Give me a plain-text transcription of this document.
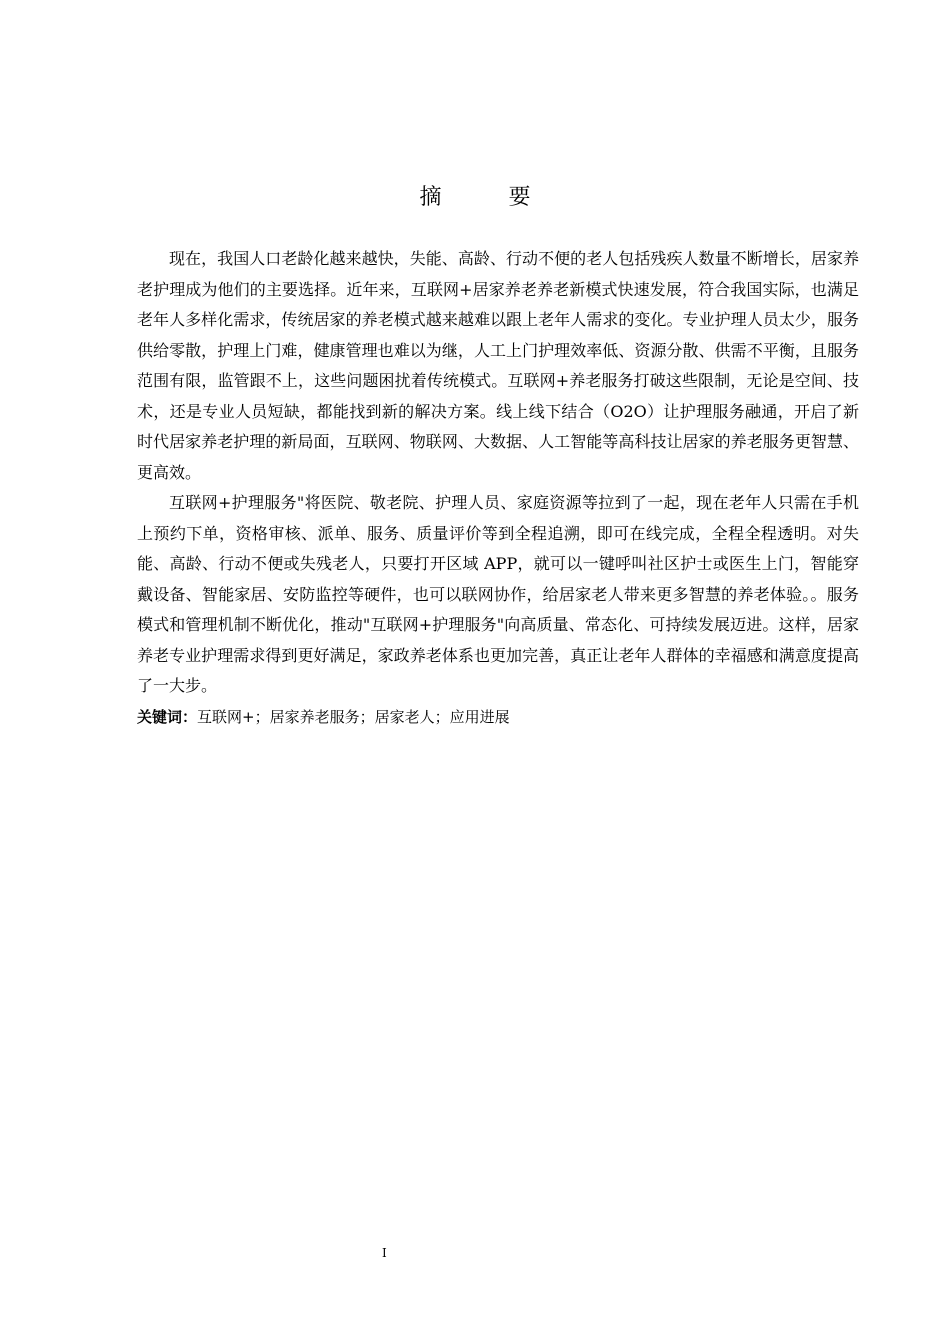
摘 要

现在，我国人口老龄化越来越快，失能、高龄、行动不便的老人包括残疾人数量不断增长，居家养老护理成为他们的主要选择。近年来，互联网+居家养老养老新模式快速发展，符合我国实际，也满足老年人多样化需求，传统居家的养老模式越来越难以跟上老年人需求的变化。专业护理人员太少，服务供给零散，护理上门难，健康管理也难以为继，人工上门护理效率低、资源分散、供需不平衡，且服务范围有限，监管跟不上，这些问题困扰着传统模式。互联网+养老服务打破这些限制，无论是空间、技术，还是专业人员短缺，都能找到新的解决方案。线上线下结合（O2O）让护理服务融通，开启了新时代居家养老护理的新局面，互联网、物联网、大数据、人工智能等高科技让居家的养老服务更智慧、更高效。

互联网+护理服务"将医院、敬老院、护理人员、家庭资源等拉到了一起，现在老年人只需在手机上预约下单，资格审核、派单、服务、质量评价等到全程追溯，即可在线完成，全程全程透明。对失能、高龄、行动不便或失残老人，只要打开区域 APP，就可以一键呼叫社区护士或医生上门，智能穿戴设备、智能家居、安防监控等硬件，也可以联网协作，给居家老人带来更多智慧的养老体验。。服务模式和管理机制不断优化，推动"互联网+护理服务"向高质量、常态化、可持续发展迈进。这样，居家养老专业护理需求得到更好满足，家政养老体系也更加完善，真正让老年人群体的幸福感和满意度提高了一大步。

关键词：互联网+；居家养老服务；居家老人；应用进展

I
